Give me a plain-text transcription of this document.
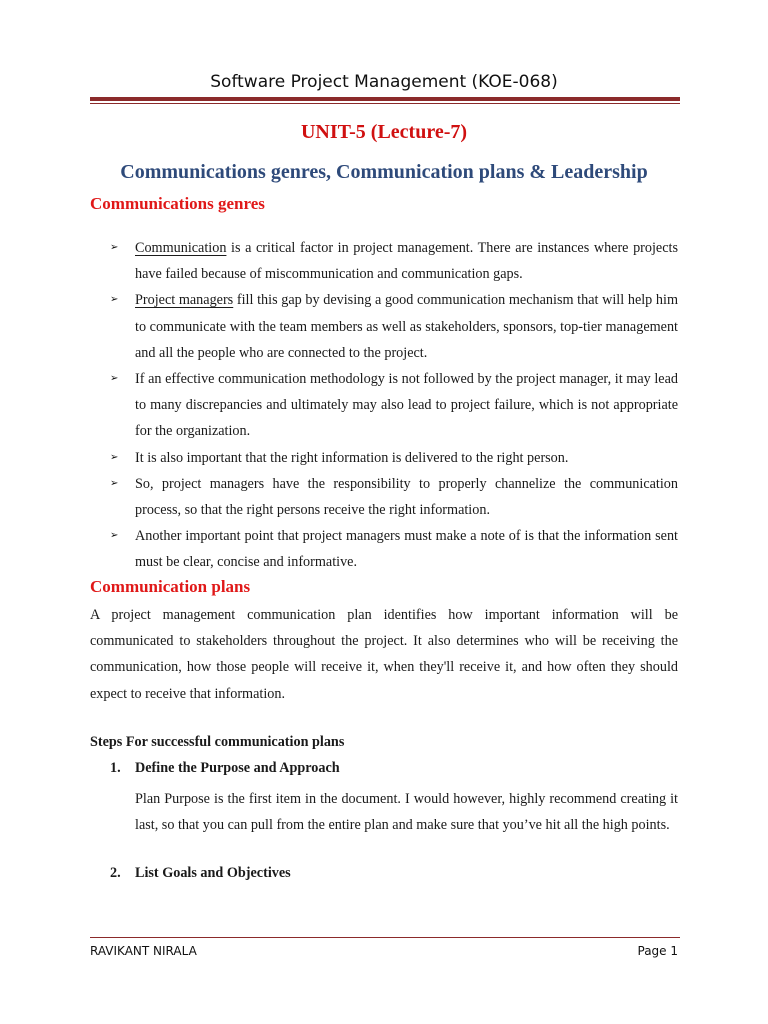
Software Project Management (KOE-068)
UNIT-5 (Lecture-7)
Communications genres, Communication plans & Leadership
Communications genres
➢ Communication is a critical factor in project management. There are instances where projects have failed because of miscommunication and communication gaps.
➢ Project managers fill this gap by devising a good communication mechanism that will help him to communicate with the team members as well as stakeholders, sponsors, top-tier management and all the people who are connected to the project.
➢ If an effective communication methodology is not followed by the project manager, it may lead to many discrepancies and ultimately may also lead to project failure, which is not appropriate for the organization.
➢ It is also important that the right information is delivered to the right person.
➢ So, project managers have the responsibility to properly channelize the communication process, so that the right persons receive the right information.
➢ Another important point that project managers must make a note of is that the information sent must be clear, concise and informative.
Communication plans
A project management communication plan identifies how important information will be communicated to stakeholders throughout the project. It also determines who will be receiving the communication, how those people will receive it, when they'll receive it, and how often they should expect to receive that information.
Steps For successful communication plans
1. Define the Purpose and Approach
Plan Purpose is the first item in the document. I would however, highly recommend creating it last, so that you can pull from the entire plan and make sure that you’ve hit all the high points.
2. List Goals and Objectives
RAVIKANT NIRALA	Page 1
